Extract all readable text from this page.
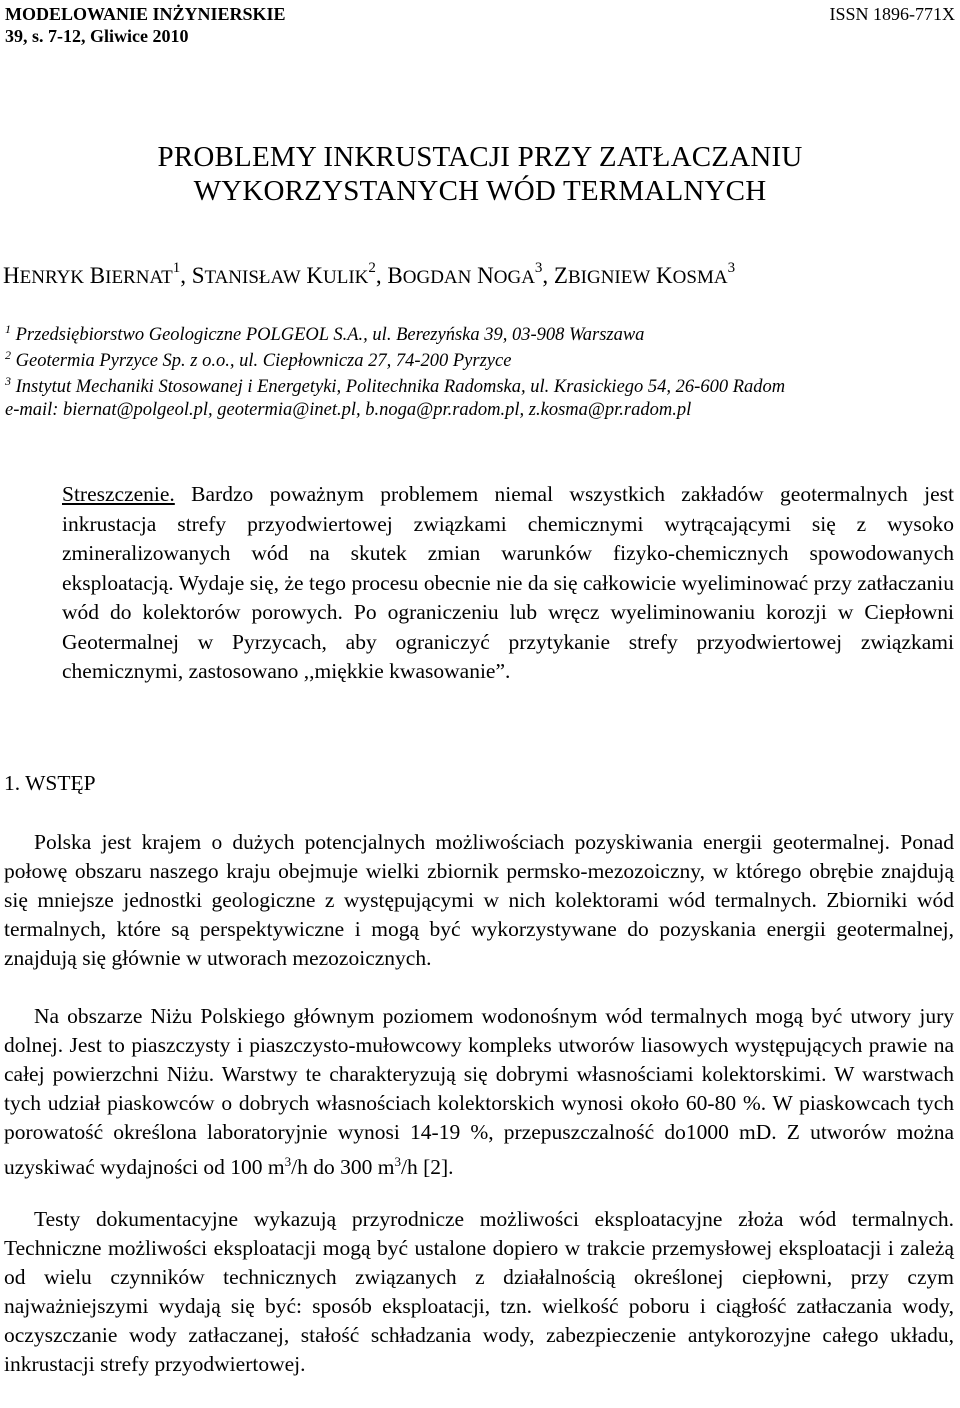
MODELOWANIE INŻYNIERSKIE
39, s. 7-12, Gliwice 2010
ISSN 1896-771X
PROBLEMY INKRUSTACJI PRZY ZATŁACZANIU
WYKORZYSTANYCH WÓD TERMALNYCH
HENRYK BIERNAT$^1$, STANISŁAW KULIK$^2$, BOGDAN NOGA$^3$, ZBIGNIEW KOSMA$^3$
$^1$ Przedsiębiorstwo Geologiczne POLGEOL S.A., ul. Berezyńska 39, 03-908 Warszawa
$^2$ Geotermia Pyrzyce Sp. z o.o., ul. Ciepłownicza 27, 74-200 Pyrzyce
$^3$ Instytut Mechaniki Stosowanej i Energetyki, Politechnika Radomska, ul. Krasickiego 54, 26-600 Radom
e-mail: biernat@polgeol.pl, geotermia@inet.pl, b.noga@pr.radom.pl, z.kosma@pr.radom.pl
Streszczenie. Bardzo poważnym problemem niemal wszystkich zakładów geotermalnych jest inkrustacja strefy przyodwiertowej związkami chemicznymi wytrącającymi się z wysoko zmineralizowanych wód na skutek zmian warunków fizyko-chemicznych spowodowanych eksploatacją. Wydaje się, że tego procesu obecnie nie da się całkowicie wyeliminować przy zatłaczaniu wód do kolektorów porowych. Po ograniczeniu lub wręcz wyeliminowaniu korozji w Ciepłowni Geotermalnej w Pyrzycach, aby ograniczyć przytykanie strefy przyodwiertowej związkami chemicznymi, zastosowano ,,miękkie kwasowanie”.
1. WSTĘP
Polska jest krajem o dużych potencjalnych możliwościach pozyskiwania energii geotermalnej. Ponad połowę obszaru naszego kraju obejmuje wielki zbiornik permsko-mezozoiczny, w którego obrębie znajdują się mniejsze jednostki geologiczne z występującymi w nich kolektorami wód termalnych. Zbiorniki wód termalnych, które są perspektywiczne i mogą być wykorzystywane do pozyskania energii geotermalnej, znajdują się głównie w utworach mezozoicznych.
Na obszarze Niżu Polskiego głównym poziomem wodonośnym wód termalnych mogą być utwory jury dolnej. Jest to piaszczysty i piaszczysto-mułowcowy kompleks utworów liasowych występujących prawie na całej powierzchni Niżu. Warstwy te charakteryzują się dobrymi własnościami kolektorskimi. W warstwach tych udział piaskowców o dobrych własnościach kolektorskich wynosi około 60-80 %. W piaskowcach tych porowatość określona laboratoryjnie wynosi 14-19 %, przepuszczalność do1000 mD. Z utworów można uzyskiwać wydajności od 100 $m^3/h$ do 300 $m^3/h$ [2].
Testy dokumentacyjne wykazują przyrodnicze możliwości eksploatacyjne złoża wód termalnych. Techniczne możliwości eksploatacji mogą być ustalone dopiero w trakcie przemysłowej eksploatacji i zależą od wielu czynników technicznych związanych z działalnością określonej ciepłowni, przy czym najważniejszymi wydają się być: sposób eksploatacji, tzn. wielkość poboru i ciągłość zatłaczania wody, oczyszczanie wody zatłaczanej, stałość schładzania wody, zabezpieczenie antykorozyjne całego układu, inkrustacji strefy przyodwiertowej.
